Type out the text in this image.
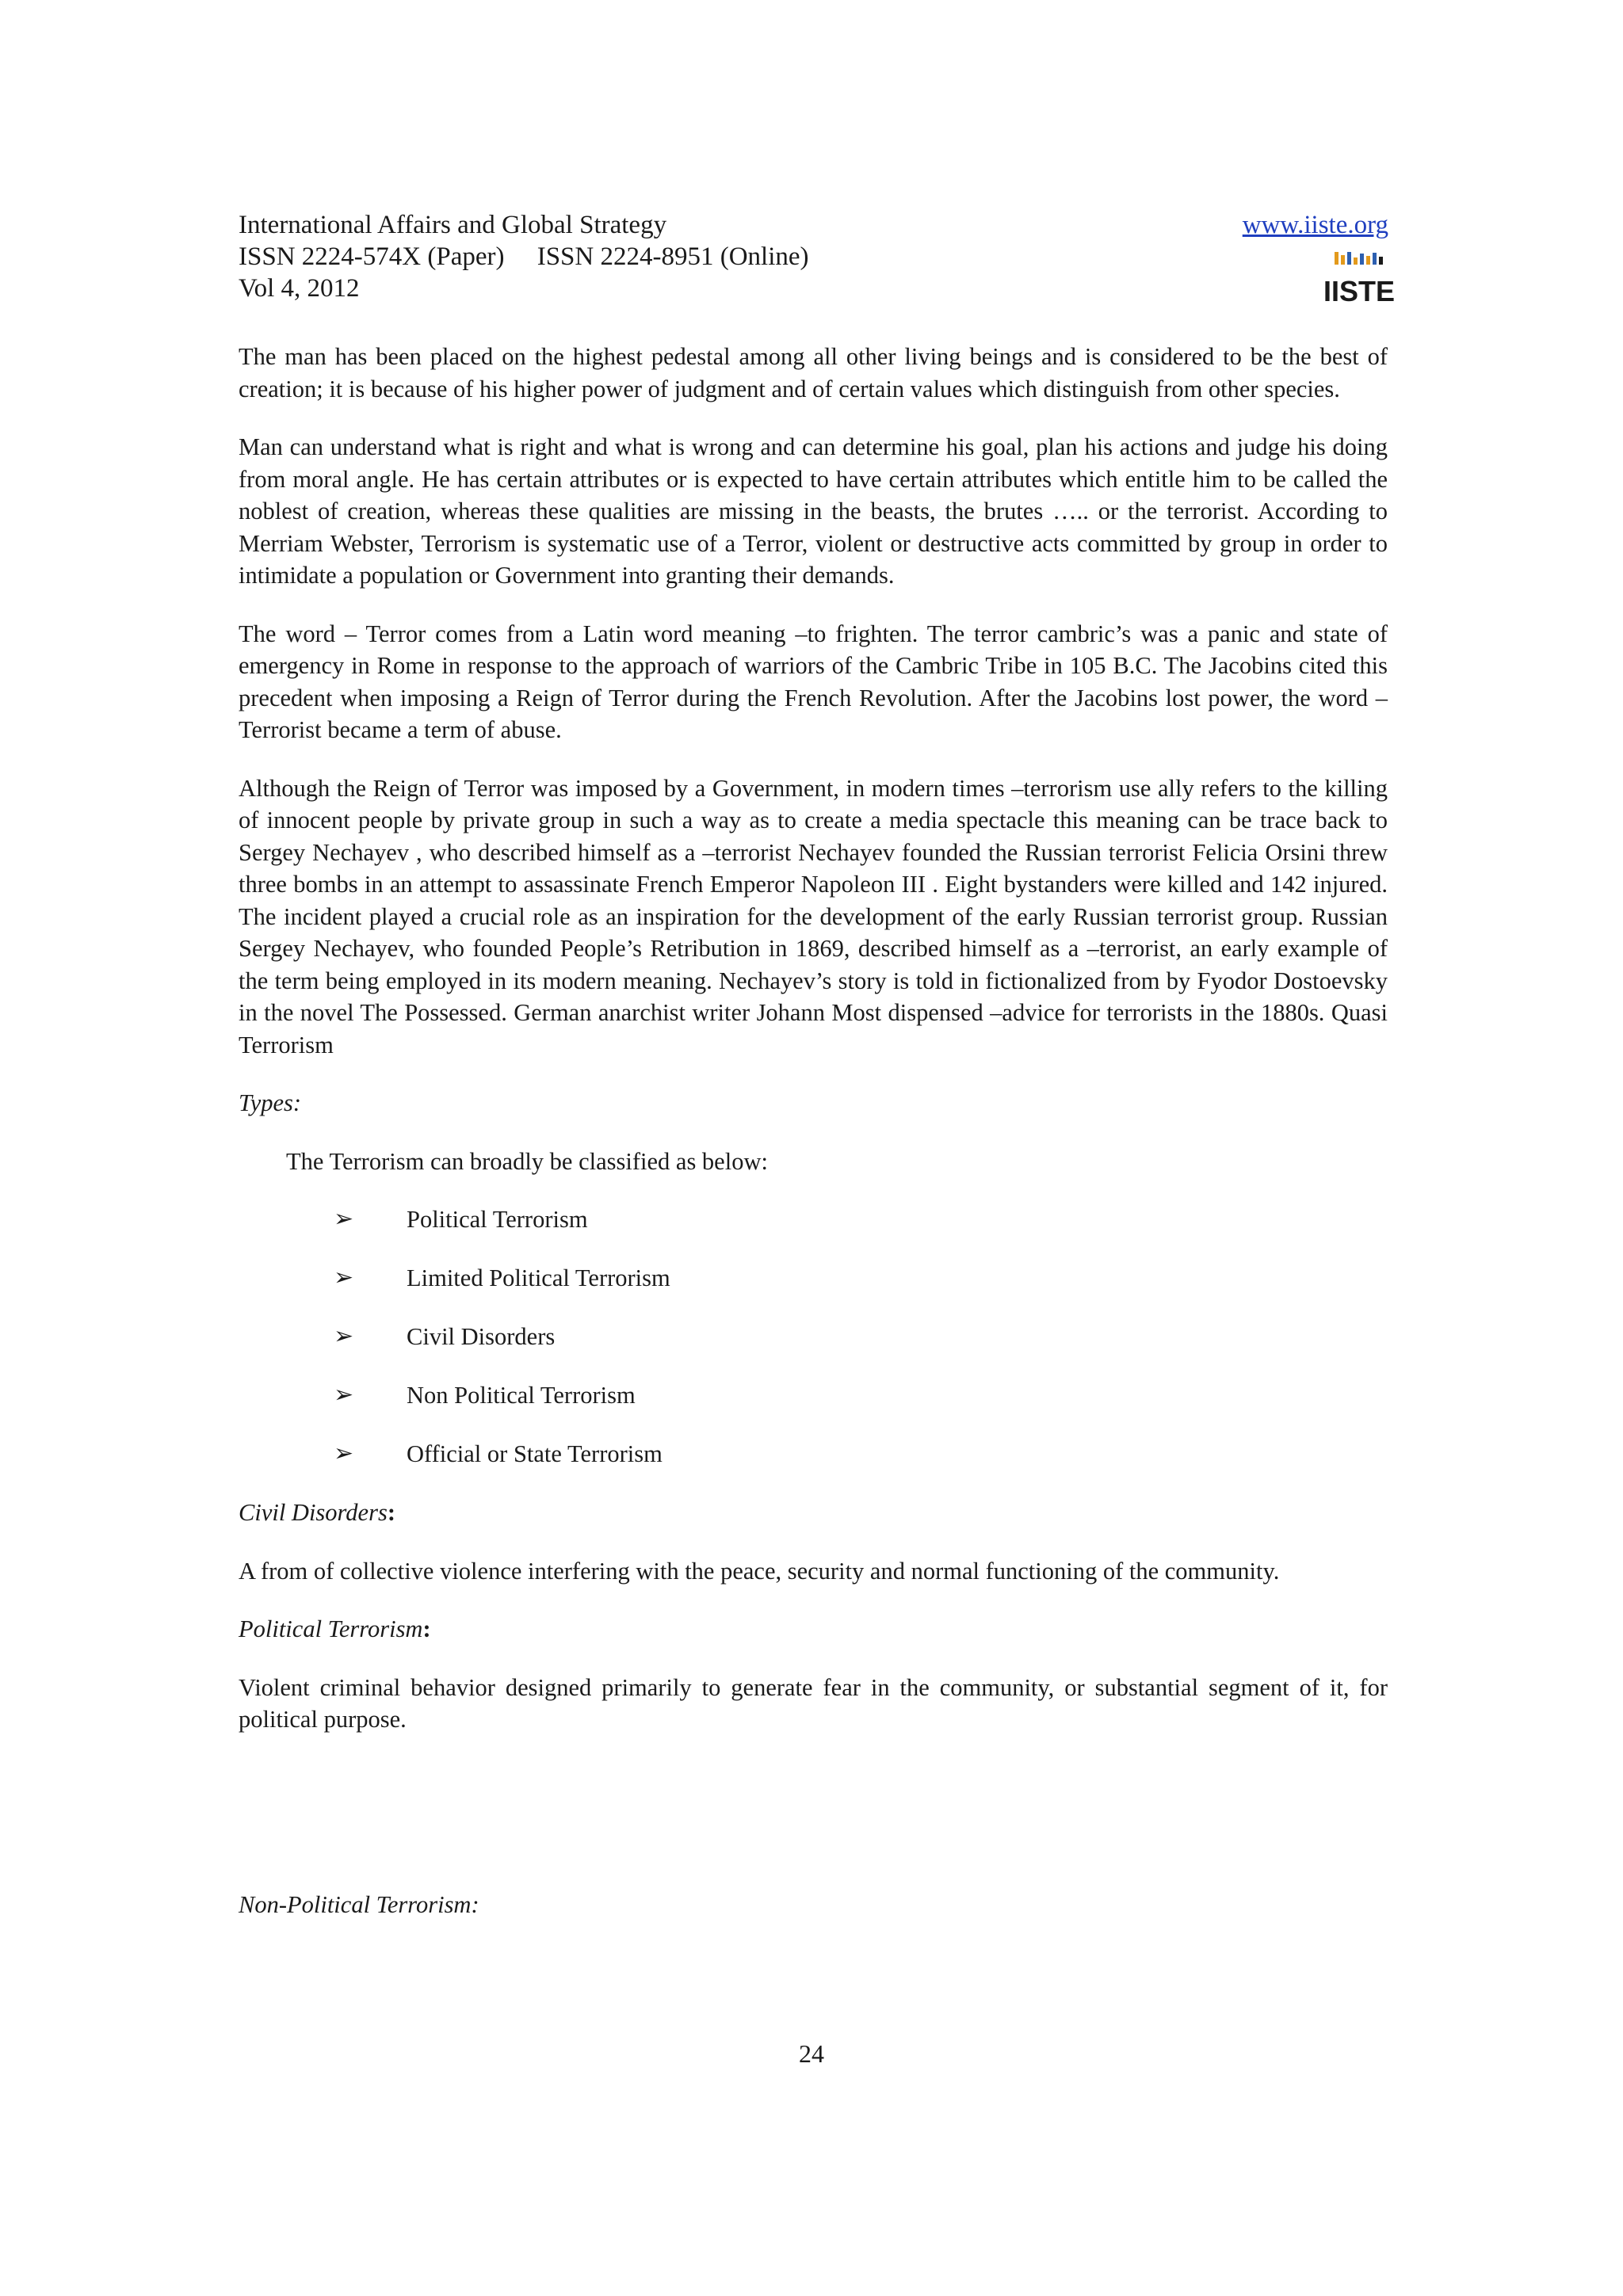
International Affairs and Global Strategy
ISSN 2224-574X (Paper)     ISSN 2224-8951 (Online)
Vol 4, 2012
www.iiste.org
IISTE

The man has been placed on the highest pedestal among all other living beings and is considered to be the best of creation; it is because of his higher power of judgment and of certain values which distinguish from other species.

Man can understand what is right and what is wrong and can determine his goal, plan his actions and judge his doing from moral angle. He has certain attributes or is expected to have certain attributes which entitle him to be called the noblest of creation, whereas these qualities are missing in the beasts, the brutes ….. or the terrorist. According to Merriam Webster, Terrorism is systematic use of a Terror, violent or destructive acts committed by group in order to intimidate a population or Government into granting their demands.

The word – Terror comes from a Latin word meaning –to frighten. The terror cambric’s was a panic and state of emergency in Rome in response to the approach of warriors of the Cambric Tribe in 105 B.C. The Jacobins cited this precedent when imposing a Reign of Terror during the French Revolution. After the Jacobins lost power, the word – Terrorist became a term of abuse.

Although the Reign of Terror was imposed by a Government, in modern times –terrorism use ally refers to the killing of innocent people by private group in such a way as to create a media spectacle this meaning can be trace back to Sergey Nechayev , who described himself as a –terrorist Nechayev founded the Russian terrorist Felicia Orsini threw three bombs in an attempt to assassinate French Emperor Napoleon III . Eight bystanders were killed and 142 injured. The incident played a crucial role as an inspiration for the development of the early Russian terrorist group. Russian Sergey Nechayev, who founded People’s Retribution in 1869, described himself as a –terrorist, an early example of the term being employed in its modern meaning. Nechayev’s story is told in fictionalized from by Fyodor Dostoevsky in the novel The Possessed. German anarchist writer Johann Most dispensed –advice for terrorists in the 1880s. Quasi Terrorism

Types:

The Terrorism can broadly be classified as below:

➢ Political Terrorism
➢ Limited Political Terrorism
➢ Civil Disorders
➢ Non Political Terrorism
➢ Official or State Terrorism

Civil Disorders:

A from of collective violence interfering with the peace, security and normal functioning of the community.

Political Terrorism:

Violent criminal behavior designed primarily to generate fear in the community, or substantial segment of it, for political purpose.

Non-Political Terrorism:

24
